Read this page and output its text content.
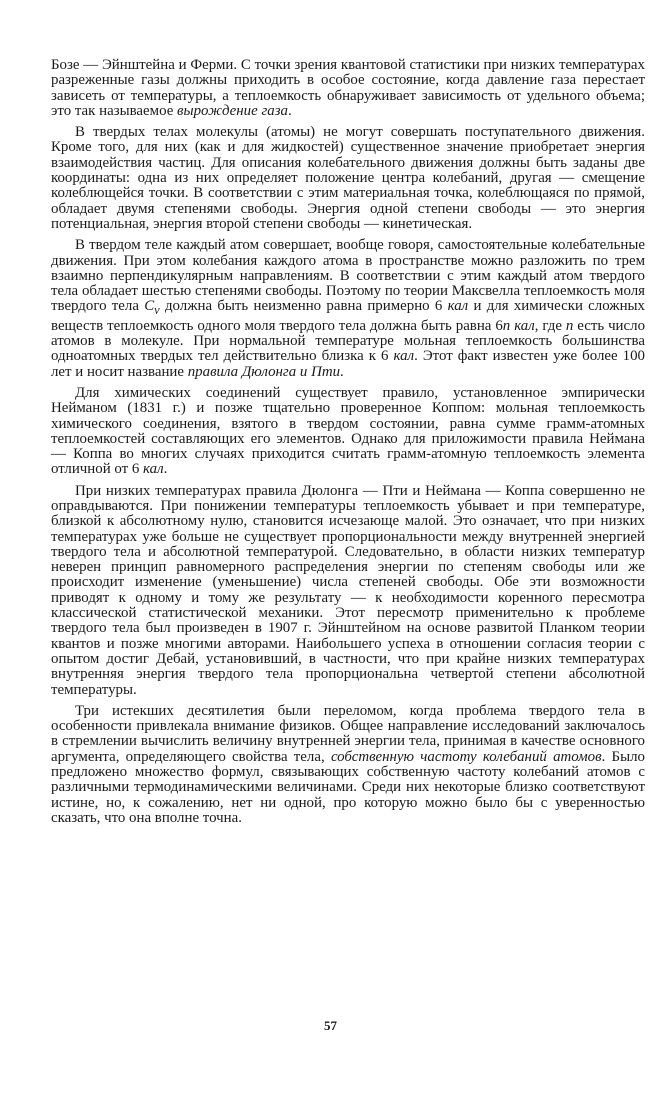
Бозе — Эйнштейна и Ферми. С точки зрения квантовой статистики при низких температурах разреженные газы должны приходить в особое состояние, когда давление газа перестает зависеть от температуры, а теплоемкость обнаруживает зависимость от удельного объема; это так называемое вырождение газа.

В твердых телах молекулы (атомы) не могут совершать поступательного движения. Кроме того, для них (как и для жидкостей) существенное значение приобретает энергия взаимодействия частиц. Для описания колебательного движения должны быть заданы две координаты: одна из них определяет положение центра колебаний, другая — смещение колеблющейся точки. В соответствии с этим материальная точка, колеблющаяся по прямой, обладает двумя степенями свободы. Энергия одной степени свободы — это энергия потенциальная, энергия второй степени свободы — кинетическая.

В твердом теле каждый атом совершает, вообще говоря, самостоятельные колебательные движения. При этом колебания каждого атома в пространстве можно разложить по трем взаимно перпендикулярным направлениям. В соответствии с этим каждый атом твердого тела обладает шестью степенями свободы. Поэтому по теории Максвелла теплоемкость моля твердого тела $C_v$ должна быть неизменно равна примерно 6 кал и для химически сложных веществ теплоемкость одного моля твердого тела должна быть равна 6n кал, где n есть число атомов в молекуле. При нормальной температуре мольная теплоемкость большинства одноатомных твердых тел действительно близка к 6 кал. Этот факт известен уже более 100 лет и носит название правила Дюлонга и Пти.

Для химических соединений существует правило, установленное эмпирически Нейманом (1831 г.) и позже тщательно проверенное Коппом: мольная теплоемкость химического соединения, взятого в твердом состоянии, равна сумме грамм-атомных теплоемкостей составляющих его элементов. Однако для приложимости правила Неймана — Коппа во многих случаях приходится считать грамм-атомную теплоемкость элемента отличной от 6 кал.

При низких температурах правила Дюлонга — Пти и Неймана — Коппа совершенно не оправдываются. При понижении температуры теплоемкость убывает и при температуре, близкой к абсолютному нулю, становится исчезающе малой. Это означает, что при низких температурах уже больше не существует пропорциональности между внутренней энергией твердого тела и абсолютной температурой. Следовательно, в области низких температур неверен принцип равномерного распределения энергии по степеням свободы или же происходит изменение (уменьшение) числа степеней свободы. Обе эти возможности приводят к одному и тому же результату — к необходимости коренного пересмотра классической статистической механики. Этот пересмотр применительно к проблеме твердого тела был произведен в 1907 г. Эйнштейном на основе развитой Планком теории квантов и позже многими авторами. Наибольшего успеха в отношении согласия теории с опытом достиг Дебай, установивший, в частности, что при крайне низких температурах внутренняя энергия твердого тела пропорциональна четвертой степени абсолютной температуры.

Три истекших десятилетия были переломом, когда проблема твердого тела в особенности привлекала внимание физиков. Общее направление исследований заключалось в стремлении вычислить величину внутренней энергии тела, принимая в качестве основного аргумента, определяющего свойства тела, собственную частоту колебаний атомов. Было предложено множество формул, связывающих собственную частоту колебаний атомов с различными термодинамическими величинами. Среди них некоторые близко соответствуют истине, но, к сожалению, нет ни одной, про которую можно было бы с уверенностью сказать, что она вполне точна.

57
